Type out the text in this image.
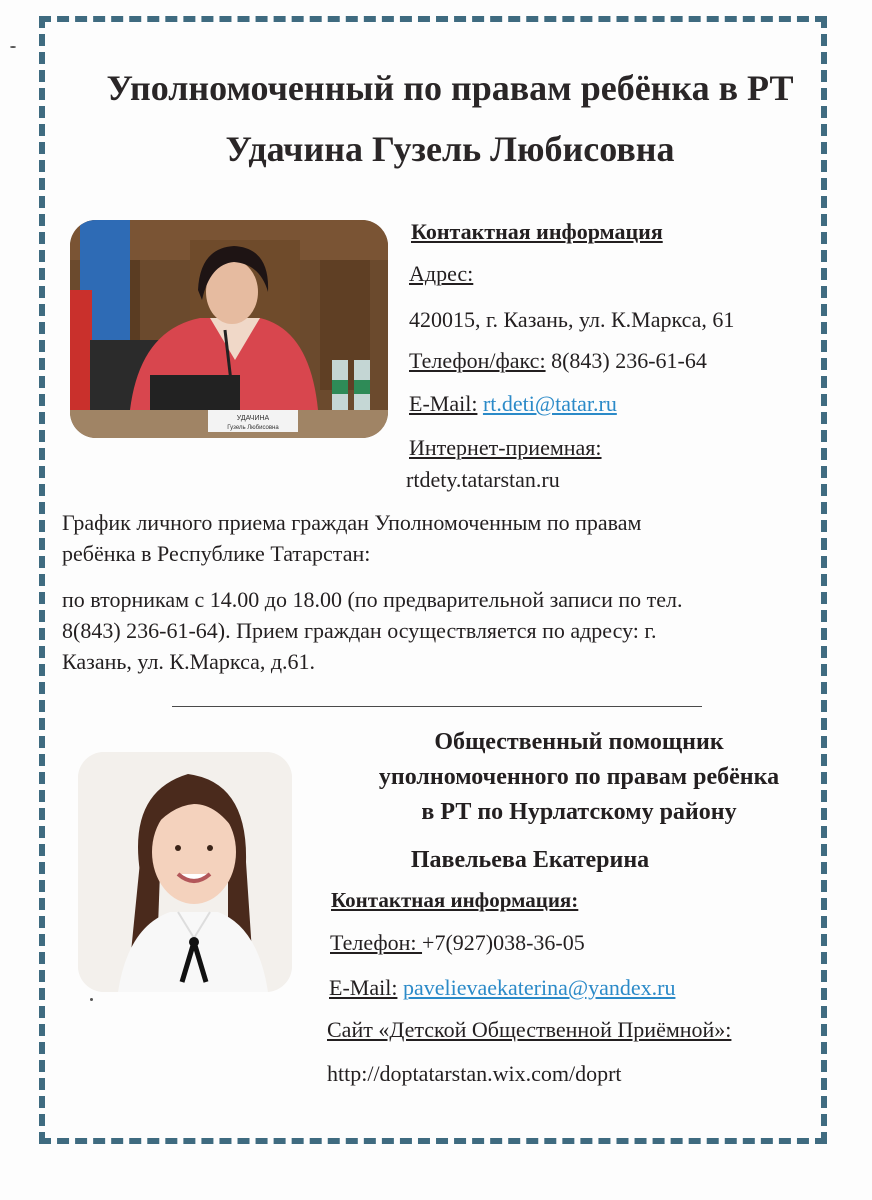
Уполномоченный по правам ребёнка в РТ
Удачина Гузель Любисовна
УДАЧИНА
Гузель Любисовна
Контактная информация
Адрес:
420015, г. Казань, ул. К.Маркса, 61
Телефон/факс: 8(843) 236-61-64
E-Mail: rt.deti@tatar.ru
Интернет-приемная:
rtdety.tatarstan.ru
График личного приема граждан Уполномоченным по правам
ребёнка в Республике Татарстан:
по вторникам с 14.00 до 18.00 (по предварительной записи по тел.
8(843) 236-61-64). Прием граждан осуществляется по адресу: г.
Казань, ул. К.Маркса, д.61.
Общественный помощник
уполномоченного по правам ребёнка
в РТ по Нурлатскому району
Павельева Екатерина
Контактная информация:
Телефон: +7(927)038-36-05
E-Mail: pavelievaekaterina@yandex.ru
Сайт «Детской Общественной Приёмной»:
http://doptatarstan.wix.com/doprt
